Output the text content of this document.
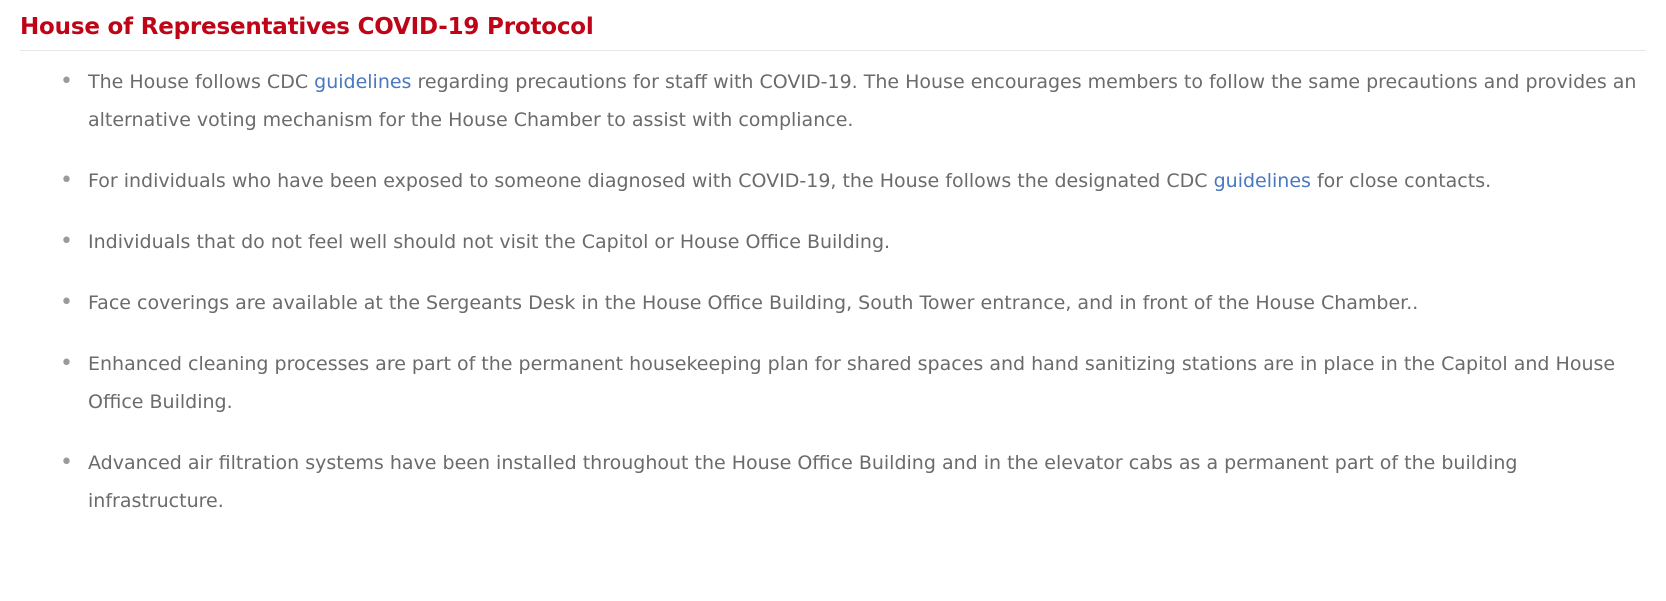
House of Representatives COVID-19 Protocol
• The House follows CDC guidelines regarding precautions for staff with COVID-19. The House encourages members to follow the same precautions and provides an alternative voting mechanism for the House Chamber to assist with compliance.
• For individuals who have been exposed to someone diagnosed with COVID-19, the House follows the designated CDC guidelines for close contacts.
• Individuals that do not feel well should not visit the Capitol or House Office Building.
• Face coverings are available at the Sergeants Desk in the House Office Building, South Tower entrance, and in front of the House Chamber..
• Enhanced cleaning processes are part of the permanent housekeeping plan for shared spaces and hand sanitizing stations are in place in the Capitol and House Office Building.
• Advanced air filtration systems have been installed throughout the House Office Building and in the elevator cabs as a permanent part of the building infrastructure.
